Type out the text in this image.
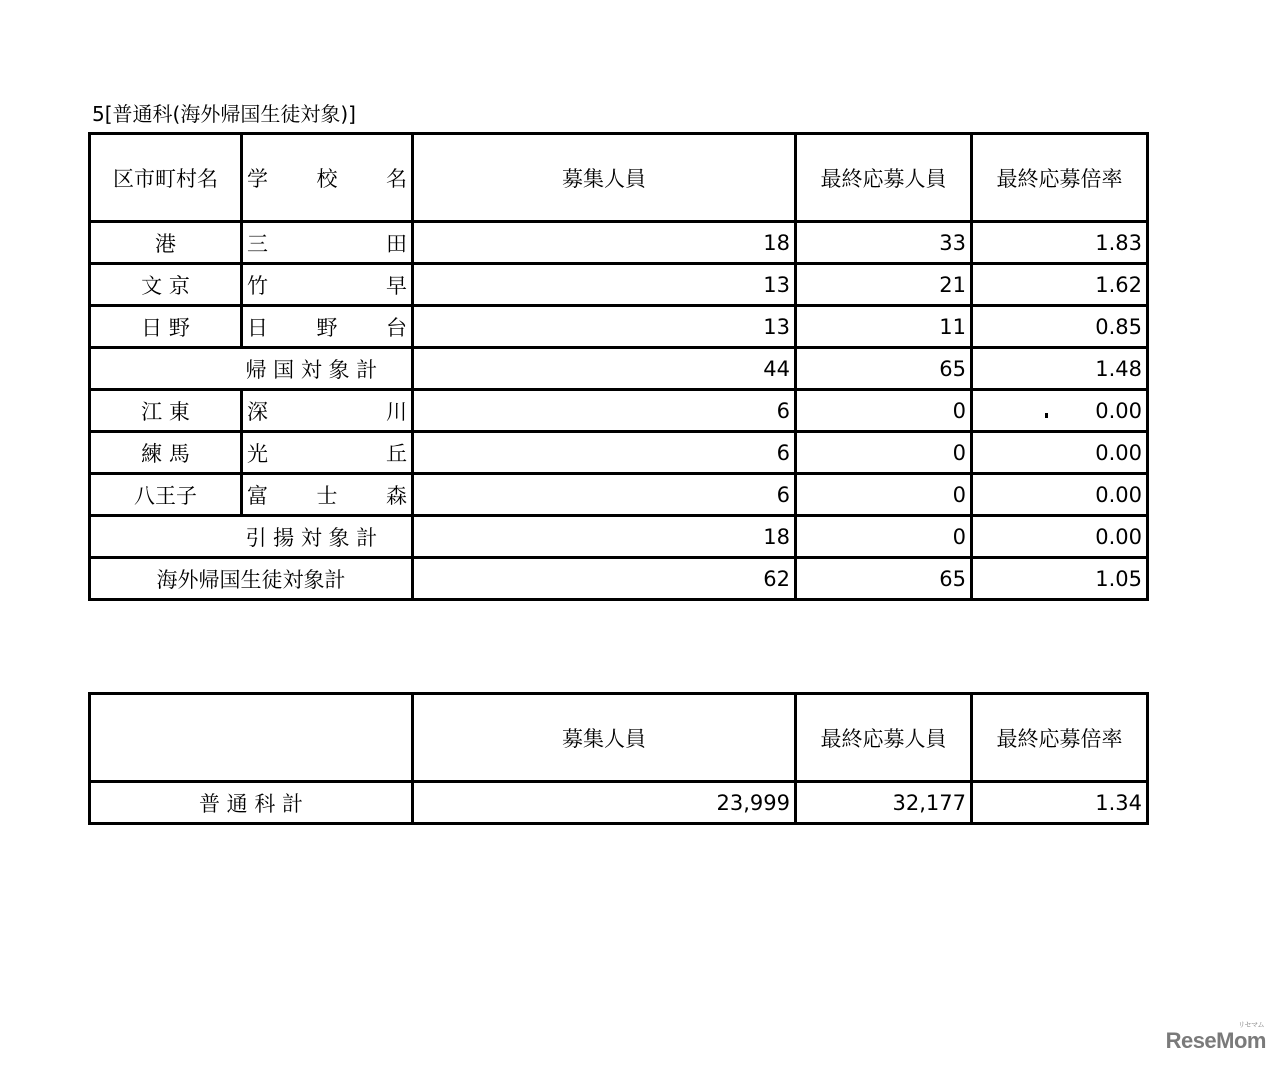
5[普通科(海外帰国生徒対象)]
区市町村名	学 校 名	募集人員	最終応募人員	最終応募倍率
港	三 田	18	33	1.83
文 京	竹 早	13	21	1.62
日 野	日 野 台	13	11	0.85
	帰 国 対 象 計	44	65	1.48
江 東	深 川	6	0	0.00
練 馬	光 丘	6	0	0.00
八王子	富 士 森	6	0	0.00
	引 揚 対 象 計	18	0	0.00
海外帰国生徒対象計		62	65	1.05
	募集人員	最終応募人員	最終応募倍率
普 通 科 計	23,999	32,177	1.34
リセマム
ReseMom
